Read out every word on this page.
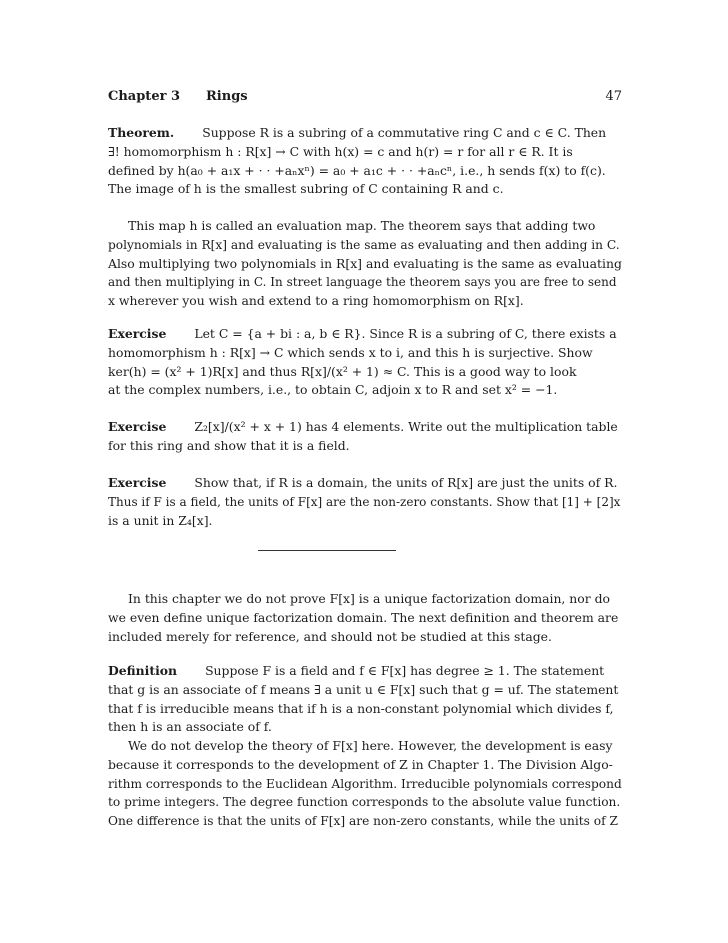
Chapter 3 Rings	47
Theorem. Suppose R is a subring of a commutative ring C and c ∈ C. Then
∃! homomorphism h : R[x] → C with h(x) = c and h(r) = r for all r ∈ R. It is
defined by h(a₀ + a₁x + · · +aₙxⁿ) = a₀ + a₁c + · · +aₙcⁿ, i.e., h sends f(x) to f(c).
The image of h is the smallest subring of C containing R and c.
This map h is called an evaluation map. The theorem says that adding two
polynomials in R[x] and evaluating is the same as evaluating and then adding in C.
Also multiplying two polynomials in R[x] and evaluating is the same as evaluating
and then multiplying in C. In street language the theorem says you are free to send
x wherever you wish and extend to a ring homomorphism on R[x].
Exercise Let C = {a + bi : a, b ∈ R}. Since R is a subring of C, there exists a
homomorphism h : R[x] → C which sends x to i, and this h is surjective. Show
ker(h) = (x² + 1)R[x] and thus R[x]/(x² + 1) ≈ C. This is a good way to look
at the complex numbers, i.e., to obtain C, adjoin x to R and set x² = −1.
Exercise Z₂[x]/(x² + x + 1) has 4 elements. Write out the multiplication table
for this ring and show that it is a field.
Exercise Show that, if R is a domain, the units of R[x] are just the units of R.
Thus if F is a field, the units of F[x] are the non-zero constants. Show that [1] + [2]x
is a unit in Z₄[x].
In this chapter we do not prove F[x] is a unique factorization domain, nor do
we even define unique factorization domain. The next definition and theorem are
included merely for reference, and should not be studied at this stage.
Definition Suppose F is a field and f ∈ F[x] has degree ≥ 1. The statement
that g is an associate of f means ∃ a unit u ∈ F[x] such that g = uf. The statement
that f is irreducible means that if h is a non-constant polynomial which divides f,
then h is an associate of f.
We do not develop the theory of F[x] here. However, the development is easy
because it corresponds to the development of Z in Chapter 1. The Division Algo-
rithm corresponds to the Euclidean Algorithm. Irreducible polynomials correspond
to prime integers. The degree function corresponds to the absolute value function.
One difference is that the units of F[x] are non-zero constants, while the units of Z
